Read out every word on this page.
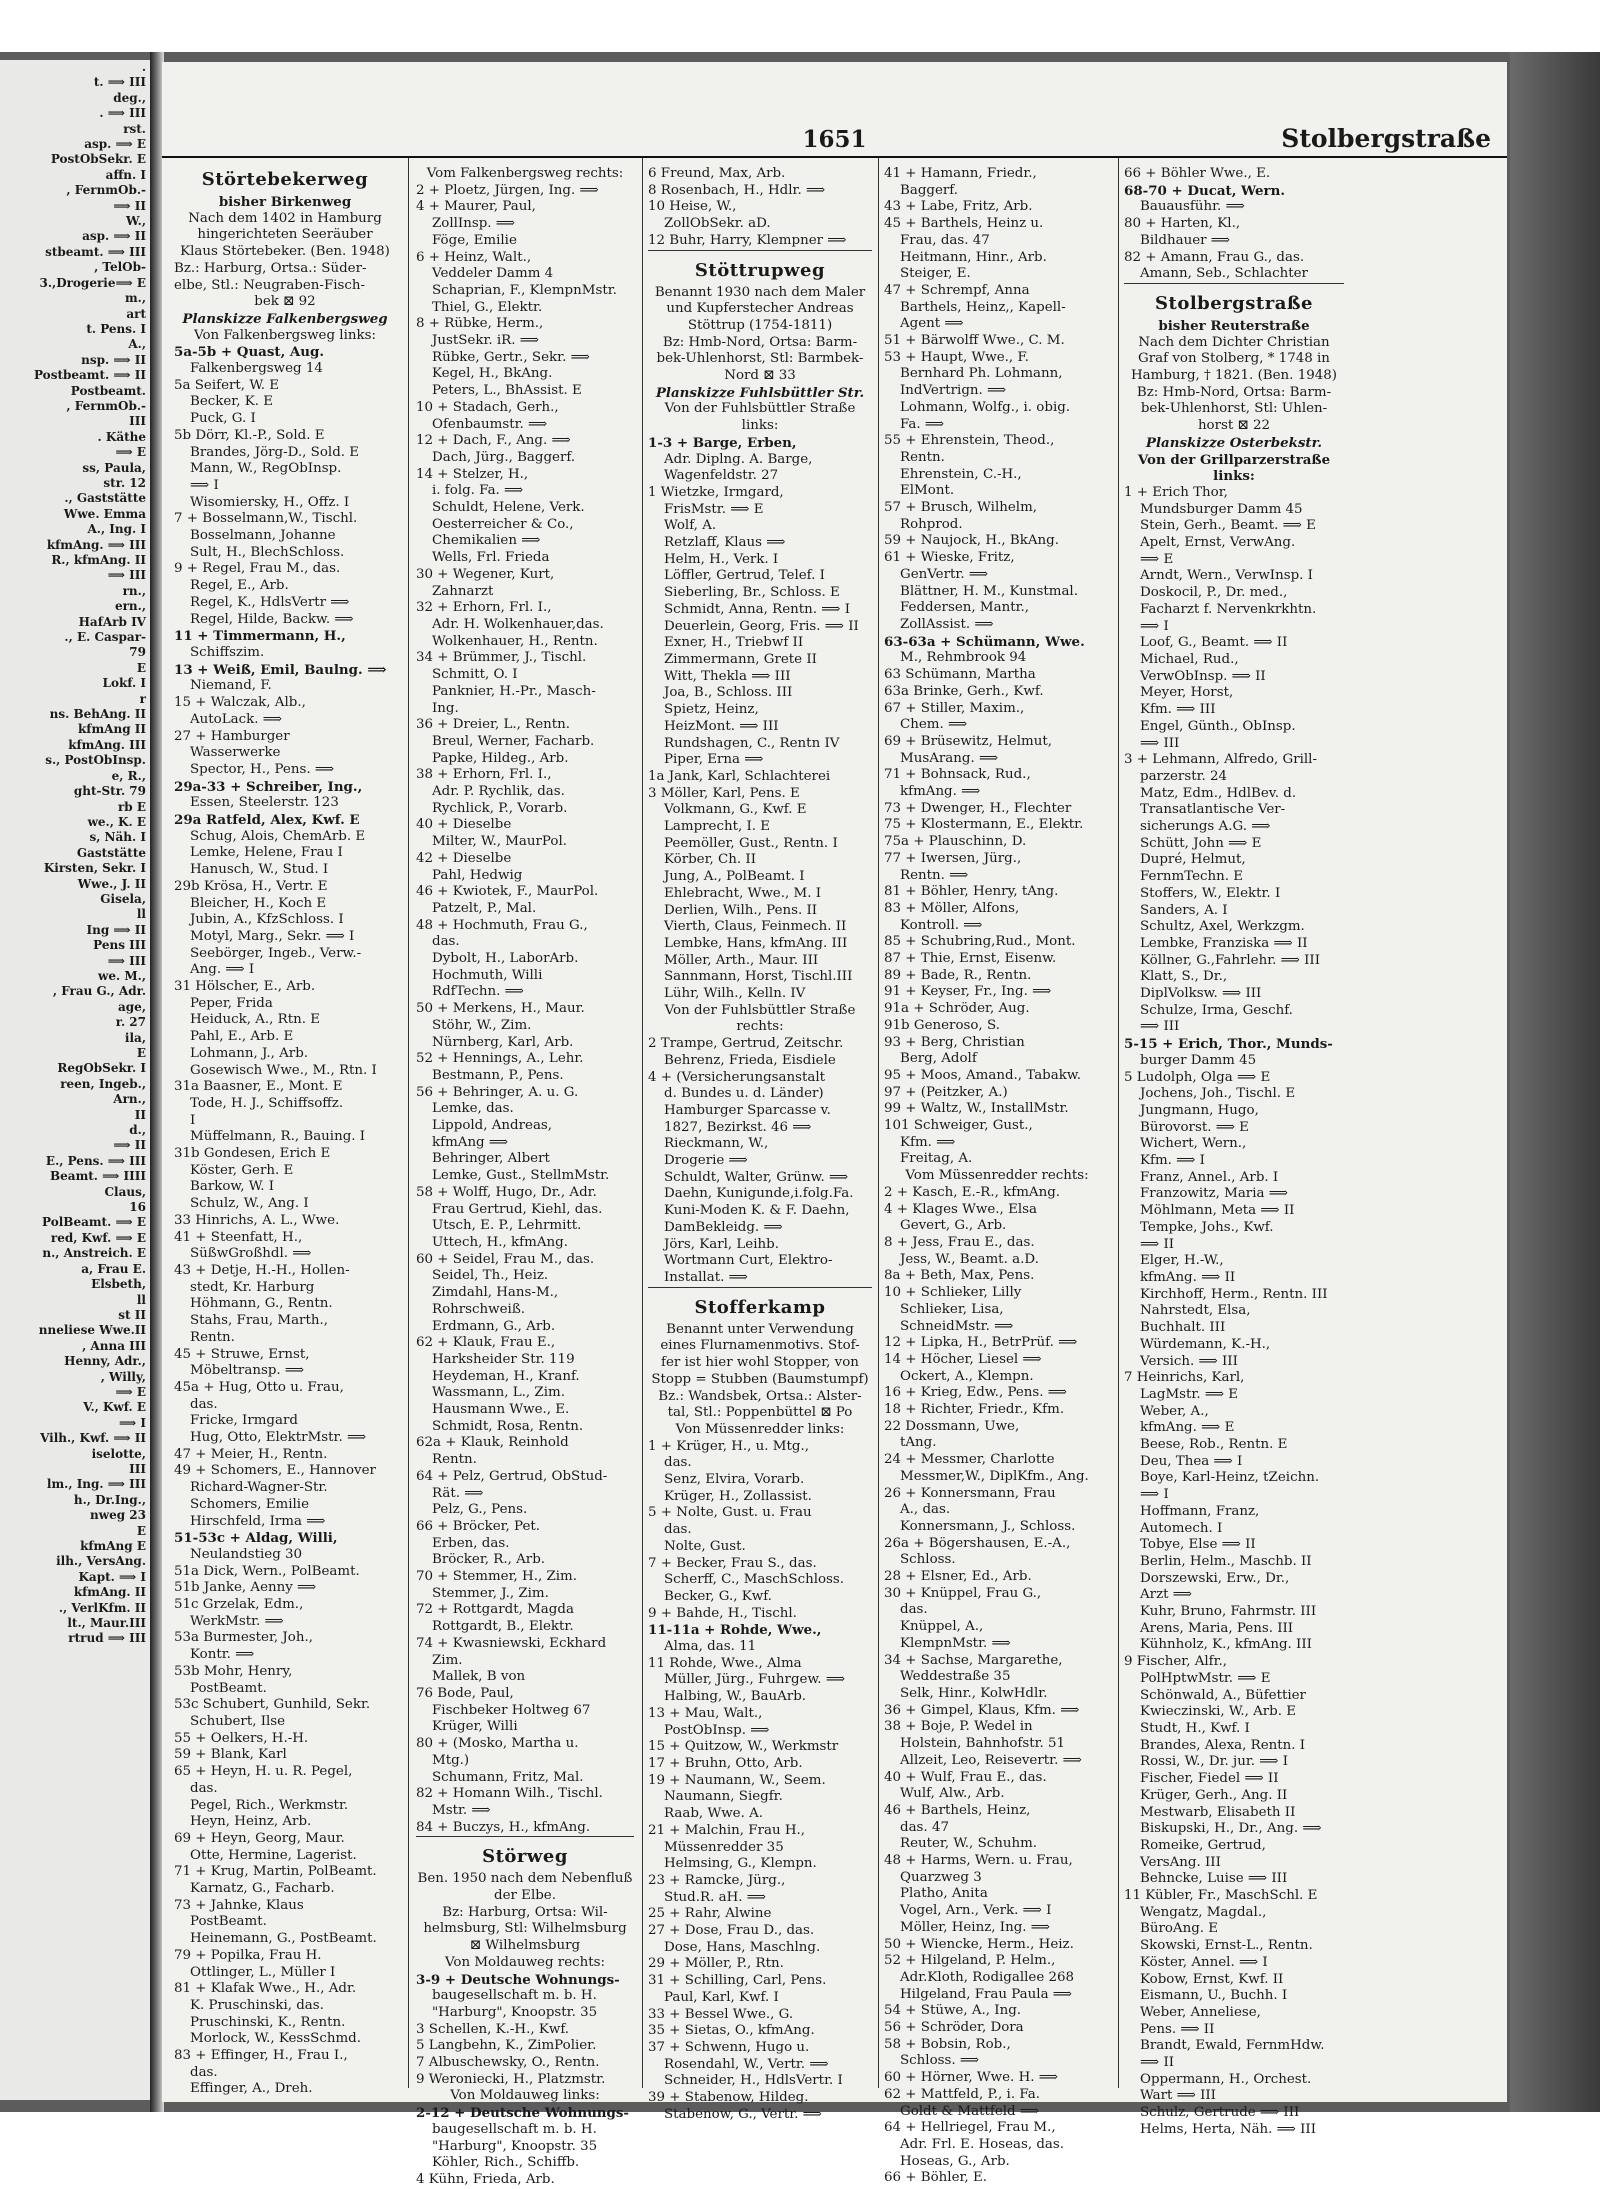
.
t. ⟹ III
deg.,
. ⟹ III
rst.
asp. ⟹ E
PostObSekr. E
affn. I
, FernmOb.-
⟹ II
W.,
asp. ⟹ II
stbeamt. ⟹ III
, TelOb-
3.,Drogerie⟹ E
m.,
art
t. Pens. I
A.,
nsp. ⟹ II
Postbeamt. ⟹ II
Postbeamt.
, FernmOb.-
III
. Käthe
⟹ E
ss, Paula,
str. 12
., Gaststätte
Wwe. Emma
A., Ing. I
kfmAng. ⟹ III
R., kfmAng. II
⟹ III
rn.,
ern.,
HafArb IV
., E. Caspar-
79
E
Lokf. I
r
ns. BehAng. II
kfmAng II
kfmAng. III
s., PostObInsp.
e, R.,
ght-Str. 79
rb E
we., K. E
s, Näh. I
Gaststätte
Kirsten, Sekr. I
Wwe., J. II
Gisela,
ll
Ing ⟹ II
Pens III
⟹ III
we. M.,
, Frau G., Adr.
age,
r. 27
ila,
E
RegObSekr. I
reen, Ingeb.,
Arn.,
II
d.,
⟹ II
E., Pens. ⟹ III
Beamt. ⟹ IIII
Claus,
16
PolBeamt. ⟹ E
red, Kwf. ⟹ E
n., Anstreich. E
a, Frau E.
Elsbeth,
ll
st II
nneliese Wwe.II
, Anna III
Henny, Adr.,
, Willy,
⟹ E
V., Kwf. E
⟹ I
Vilh., Kwf. ⟹ II
iselotte,
III
lm., Ing. ⟹ III
h., Dr.Ing.,
nweg 23
E
kfmAng E
ilh., VersAng.
Kapt. ⟹ I
kfmAng. II
., VerlKfm. II
lt., Maur.III
rtrud ⟹ III
1651	Stolbergstraße
Störtebekerweg
bisher Birkenweg
Nach dem 1402 in Hamburg
hingerichteten Seeräuber
Klaus Störtebeker. (Ben. 1948)
Bz.: Harburg, Ortsa.: Süder-
elbe, Stl.: Neugraben-Fisch-
bek ⊠ 92
Planskizze Falkenbergsweg
Von Falkenbergsweg links:
5a-5b + Quast, Aug.
Falkenbergsweg 14
5a Seifert, W. E
Becker, K. E
Puck, G. I
5b Dörr, Kl.-P., Sold. E
Brandes, Jörg-D., Sold. E
Mann, W., RegObInsp.
⟹ I
Wisomiersky, H., Offz. I
7 + Bosselmann,W., Tischl.
Bosselmann, Johanne
Sult, H., BlechSchloss.
9 + Regel, Frau M., das.
Regel, E., Arb.
Regel, K., HdlsVertr ⟹
Regel, Hilde, Backw. ⟹
11 + Timmermann, H.,
Schiffszim.
13 + Weiß, Emil, Baulng. ⟹
Niemand, F.
15 + Walczak, Alb.,
AutoLack. ⟹
27 + Hamburger
Wasserwerke
Spector, H., Pens. ⟹
29a-33 + Schreiber, Ing.,
Essen, Steelerstr. 123
29a Ratfeld, Alex, Kwf. E
Schug, Alois, ChemArb. E
Lemke, Helene, Frau I
Hanusch, W., Stud. I
29b Krösa, H., Vertr. E
Bleicher, H., Koch E
Jubin, A., KfzSchloss. I
Motyl, Marg., Sekr. ⟹ I
Seebörger, Ingeb., Verw.-
Ang. ⟹ I
31 Hölscher, E., Arb.
Peper, Frida
Heiduck, A., Rtn. E
Pahl, E., Arb. E
Lohmann, J., Arb.
Gosewisch Wwe., M., Rtn. I
31a Baasner, E., Mont. E
Tode, H. J., Schiffsoffz.
I
Müffelmann, R., Bauing. I
31b Gondesen, Erich E
Köster, Gerh. E
Barkow, W. I
Schulz, W., Ang. I
33 Hinrichs, A. L., Wwe.
41 + Steenfatt, H.,
SüßwGroßhdl. ⟹
43 + Detje, H.-H., Hollen-
stedt, Kr. Harburg
Höhmann, G., Rentn.
Stahs, Frau, Marth.,
Rentn.
45 + Struwe, Ernst,
Möbeltransp. ⟹
45a + Hug, Otto u. Frau,
das.
Fricke, Irmgard
Hug, Otto, ElektrMstr. ⟹
47 + Meier, H., Rentn.
49 + Schomers, E., Hannover
Richard-Wagner-Str.
Schomers, Emilie
Hirschfeld, Irma ⟹
51-53c + Aldag, Willi,
Neulandstieg 30
51a Dick, Wern., PolBeamt.
51b Janke, Aenny ⟹
51c Grzelak, Edm.,
WerkMstr. ⟹
53a Burmester, Joh.,
Kontr. ⟹
53b Mohr, Henry,
PostBeamt.
53c Schubert, Gunhild, Sekr.
Schubert, Ilse
55 + Oelkers, H.-H.
59 + Blank, Karl
65 + Heyn, H. u. R. Pegel,
das.
Pegel, Rich., Werkmstr.
Heyn, Heinz, Arb.
69 + Heyn, Georg, Maur.
Otte, Hermine, Lagerist.
71 + Krug, Martin, PolBeamt.
Karnatz, G., Facharb.
73 + Jahnke, Klaus
PostBeamt.
Heinemann, G., PostBeamt.
79 + Popilka, Frau H.
Ottlinger, L., Müller I
81 + Klafak Wwe., H., Adr.
K. Pruschinski, das.
Pruschinski, K., Rentn.
Morlock, W., KessSchmd.
83 + Effinger, H., Frau I.,
das.
Effinger, A., Dreh.
Vom Falkenbergsweg rechts:
2 + Ploetz, Jürgen, Ing. ⟹
4 + Maurer, Paul,
ZollInsp. ⟹
Föge, Emilie
6 + Heinz, Walt.,
Veddeler Damm 4
Schaprian, F., KlempnMstr.
Thiel, G., Elektr.
8 + Rübke, Herm.,
JustSekr. iR. ⟹
Rübke, Gertr., Sekr. ⟹
Kegel, H., BkAng.
Peters, L., BhAssist. E
10 + Stadach, Gerh.,
Ofenbaumstr. ⟹
12 + Dach, F., Ang. ⟹
Dach, Jürg., Baggerf.
14 + Stelzer, H.,
i. folg. Fa. ⟹
Schuldt, Helene, Verk.
Oesterreicher & Co.,
Chemikalien ⟹
Wells, Frl. Frieda
30 + Wegener, Kurt,
Zahnarzt
32 + Erhorn, Frl. I.,
Adr. H. Wolkenhauer,das.
Wolkenhauer, H., Rentn.
34 + Brümmer, J., Tischl.
Schmitt, O. I
Panknier, H.-Pr., Masch-
Ing.
36 + Dreier, L., Rentn.
Breul, Werner, Facharb.
Papke, Hildeg., Arb.
38 + Erhorn, Frl. I.,
Adr. P. Rychlik, das.
Rychlick, P., Vorarb.
40 + Dieselbe
Milter, W., MaurPol.
42 + Dieselbe
Pahl, Hedwig
46 + Kwiotek, F., MaurPol.
Patzelt, P., Mal.
48 + Hochmuth, Frau G.,
das.
Dybolt, H., LaborArb.
Hochmuth, Willi
RdfTechn. ⟹
50 + Merkens, H., Maur.
Stöhr, W., Zim.
Nürnberg, Karl, Arb.
52 + Hennings, A., Lehr.
Bestmann, P., Pens.
56 + Behringer, A. u. G.
Lemke, das.
Lippold, Andreas,
kfmAng ⟹
Behringer, Albert
Lemke, Gust., StellmMstr.
58 + Wolff, Hugo, Dr., Adr.
Frau Gertrud, Kiehl, das.
Utsch, E. P., Lehrmitt.
Uttech, H., kfmAng.
60 + Seidel, Frau M., das.
Seidel, Th., Heiz.
Zimdahl, Hans-M.,
Rohrschweiß.
Erdmann, G., Arb.
62 + Klauk, Frau E.,
Harksheider Str. 119
Heydeman, H., Kranf.
Wassmann, L., Zim.
Hausmann Wwe., E.
Schmidt, Rosa, Rentn.
62a + Klauk, Reinhold
Rentn.
64 + Pelz, Gertrud, ObStud-
Rät. ⟹
Pelz, G., Pens.
66 + Bröcker, Pet.
Erben, das.
Bröcker, R., Arb.
70 + Stemmer, H., Zim.
Stemmer, J., Zim.
72 + Rottgardt, Magda
Rottgardt, B., Elektr.
74 + Kwasniewski, Eckhard
Zim.
Mallek, B von
76 Bode, Paul,
Fischbeker Holtweg 67
Krüger, Willi
80 + (Mosko, Martha u.
Mtg.)
Schumann, Fritz, Mal.
82 + Homann Wilh., Tischl.
Mstr. ⟹
84 + Buczys, H., kfmAng.
Störweg
Ben. 1950 nach dem Nebenfluß
der Elbe.
Bz: Harburg, Ortsa: Wil-
helmsburg, Stl: Wilhelmsburg
⊠ Wilhelmsburg
Von Moldauweg rechts:
3-9 + Deutsche Wohnungs-
baugesellschaft m. b. H.
"Harburg", Knoopstr. 35
3 Schellen, K.-H., Kwf.
5 Langbehn, K., ZimPolier.
7 Albuschewsky, O., Rentn.
9 Weroniecki, H., Platzmstr.
Von Moldauweg links:
2-12 + Deutsche Wohnungs-
baugesellschaft m. b. H.
"Harburg", Knoopstr. 35
Köhler, Rich., Schiffb.
4 Kühn, Frieda, Arb.
6 Freund, Max, Arb.
8 Rosenbach, H., Hdlr. ⟹
10 Heise, W.,
ZollObSekr. aD.
12 Buhr, Harry, Klempner ⟹
Stöttrupweg
Benannt 1930 nach dem Maler
und Kupferstecher Andreas
Stöttrup (1754-1811)
Bz: Hmb-Nord, Ortsa: Barm-
bek-Uhlenhorst, Stl: Barmbek-
Nord ⊠ 33
Planskizze Fuhlsbüttler Str.
Von der Fuhlsbüttler Straße
links:
1-3 + Barge, Erben,
Adr. Diplng. A. Barge,
Wagenfeldstr. 27
1 Wietzke, Irmgard,
FrisMstr. ⟹ E
Wolf, A.
Retzlaff, Klaus ⟹
Helm, H., Verk. I
Löffler, Gertrud, Telef. I
Sieberling, Br., Schloss. E
Schmidt, Anna, Rentn. ⟹ I
Deuerlein, Georg, Fris. ⟹ II
Exner, H., Triebwf II
Zimmermann, Grete II
Witt, Thekla ⟹ III
Joa, B., Schloss. III
Spietz, Heinz,
HeizMont. ⟹ III
Rundshagen, C., Rentn IV
Piper, Erna ⟹
1a Jank, Karl, Schlachterei
3 Möller, Karl, Pens. E
Volkmann, G., Kwf. E
Lamprecht, I. E
Peemöller, Gust., Rentn. I
Körber, Ch. II
Jung, A., PolBeamt. I
Ehlebracht, Wwe., M. I
Derlien, Wilh., Pens. II
Vierth, Claus, Feinmech. II
Lembke, Hans, kfmAng. III
Möller, Arth., Maur. III
Sannmann, Horst, Tischl.III
Lühr, Wilh., Kelln. IV
Von der Fuhlsbüttler Straße
rechts:
2 Trampe, Gertrud, Zeitschr.
Behrenz, Frieda, Eisdiele
4 + (Versicherungsanstalt
d. Bundes u. d. Länder)
Hamburger Sparcasse v.
1827, Bezirkst. 46 ⟹
Rieckmann, W.,
Drogerie ⟹
Schuldt, Walter, Grünw. ⟹
Daehn, Kunigunde,i.folg.Fa.
Kuni-Moden K. & F. Daehn,
DamBekleidg. ⟹
Jörs, Karl, Leihb.
Wortmann Curt, Elektro-
Installat. ⟹
Stofferkamp
Benannt unter Verwendung
eines Flurnamenmotivs. Stof-
fer ist hier wohl Stopper, von
Stopp = Stubben (Baumstumpf)
Bz.: Wandsbek, Ortsa.: Alster-
tal, Stl.: Poppenbüttel ⊠ Po
Von Müssenredder links:
1 + Krüger, H., u. Mtg.,
das.
Senz, Elvira, Vorarb.
Krüger, H., Zollassist.
5 + Nolte, Gust. u. Frau
das.
Nolte, Gust.
7 + Becker, Frau S., das.
Scherff, C., MaschSchloss.
Becker, G., Kwf.
9 + Bahde, H., Tischl.
11-11a + Rohde, Wwe.,
Alma, das. 11
11 Rohde, Wwe., Alma
Müller, Jürg., Fuhrgew. ⟹
Halbing, W., BauArb.
13 + Mau, Walt.,
PostObInsp. ⟹
15 + Quitzow, W., Werkmstr
17 + Bruhn, Otto, Arb.
19 + Naumann, W., Seem.
Naumann, Siegfr.
Raab, Wwe. A.
21 + Malchin, Frau H.,
Müssenredder 35
Helmsing, G., Klempn.
23 + Ramcke, Jürg.,
Stud.R. aH. ⟹
25 + Rahr, Alwine
27 + Dose, Frau D., das.
Dose, Hans, Maschlng.
29 + Möller, P., Rtn.
31 + Schilling, Carl, Pens.
Paul, Karl, Kwf. I
33 + Bessel Wwe., G.
35 + Sietas, O., kfmAng.
37 + Schwenn, Hugo u.
Rosendahl, W., Vertr. ⟹
Schneider, H., HdlsVertr. I
39 + Stabenow, Hildeg.
Stabenow, G., Vertr. ⟹
41 + Hamann, Friedr.,
Baggerf.
43 + Labe, Fritz, Arb.
45 + Barthels, Heinz u.
Frau, das. 47
Heitmann, Hinr., Arb.
Steiger, E.
47 + Schrempf, Anna
Barthels, Heinz,, Kapell-
Agent ⟹
51 + Bärwolff Wwe., C. M.
53 + Haupt, Wwe., F.
Bernhard Ph. Lohmann,
IndVertrign. ⟹
Lohmann, Wolfg., i. obig.
Fa. ⟹
55 + Ehrenstein, Theod.,
Rentn.
Ehrenstein, C.-H.,
ElMont.
57 + Brusch, Wilhelm,
Rohprod.
59 + Naujock, H., BkAng.
61 + Wieske, Fritz,
GenVertr. ⟹
Blättner, H. M., Kunstmal.
Feddersen, Mantr.,
ZollAssist. ⟹
63-63a + Schümann, Wwe.
M., Rehmbrook 94
63 Schümann, Martha
63a Brinke, Gerh., Kwf.
67 + Stiller, Maxim.,
Chem. ⟹
69 + Brüsewitz, Helmut,
MusArang. ⟹
71 + Bohnsack, Rud.,
kfmAng. ⟹
73 + Dwenger, H., Flechter
75 + Klostermann, E., Elektr.
75a + Plauschinn, D.
77 + Iwersen, Jürg.,
Rentn. ⟹
81 + Böhler, Henry, tAng.
83 + Möller, Alfons,
Kontroll. ⟹
85 + Schubring,Rud., Mont.
87 + Thie, Ernst, Eisenw.
89 + Bade, R., Rentn.
91 + Keyser, Fr., Ing. ⟹
91a + Schröder, Aug.
91b Generoso, S.
93 + Berg, Christian
Berg, Adolf
95 + Moos, Amand., Tabakw.
97 + (Peitzker, A.)
99 + Waltz, W., InstallMstr.
101 Schweiger, Gust.,
Kfm. ⟹
Freitag, A.
Vom Müssenredder rechts:
2 + Kasch, E.-R., kfmAng.
4 + Klages Wwe., Elsa
Gevert, G., Arb.
8 + Jess, Frau E., das.
Jess, W., Beamt. a.D.
8a + Beth, Max, Pens.
10 + Schlieker, Lilly
Schlieker, Lisa,
SchneidMstr. ⟹
12 + Lipka, H., BetrPrüf. ⟹
14 + Höcher, Liesel ⟹
Ockert, A., Klempn.
16 + Krieg, Edw., Pens. ⟹
18 + Richter, Friedr., Kfm.
22 Dossmann, Uwe,
tAng.
24 + Messmer, Charlotte
Messmer,W., DiplKfm., Ang.
26 + Konnersmann, Frau
A., das.
Konnersmann, J., Schloss.
26a + Bögershausen, E.-A.,
Schloss.
28 + Elsner, Ed., Arb.
30 + Knüppel, Frau G.,
das.
Knüppel, A.,
KlempnMstr. ⟹
34 + Sachse, Margarethe,
Weddestraße 35
Selk, Hinr., KolwHdlr.
36 + Gimpel, Klaus, Kfm. ⟹
38 + Boje, P. Wedel in
Holstein, Bahnhofstr. 51
Allzeit, Leo, Reisevertr. ⟹
40 + Wulf, Frau E., das.
Wulf, Alw., Arb.
46 + Barthels, Heinz,
das. 47
Reuter, W., Schuhm.
48 + Harms, Wern. u. Frau,
Quarzweg 3
Platho, Anita
Vogel, Arn., Verk. ⟹ I
Möller, Heinz, Ing. ⟹
50 + Wiencke, Herm., Heiz.
52 + Hilgeland, P. Helm.,
Adr.Kloth, Rodigallee 268
Hilgeland, Frau Paula ⟹
54 + Stüwe, A., Ing.
56 + Schröder, Dora
58 + Bobsin, Rob.,
Schloss. ⟹
60 + Hörner, Wwe. H. ⟹
62 + Mattfeld, P., i. Fa.
Goldt & Mattfeld ⟹
64 + Hellriegel, Frau M.,
Adr. Frl. E. Hoseas, das.
Hoseas, G., Arb.
66 + Böhler, E.
66 + Böhler Wwe., E.
68-70 + Ducat, Wern.
Bauausführ. ⟹
80 + Harten, Kl.,
Bildhauer ⟹
82 + Amann, Frau G., das.
Amann, Seb., Schlachter
Stolbergstraße
bisher Reuterstraße
Nach dem Dichter Christian
Graf von Stolberg, * 1748 in
Hamburg, † 1821. (Ben. 1948)
Bz: Hmb-Nord, Ortsa: Barm-
bek-Uhlenhorst, Stl: Uhlen-
horst ⊠ 22
Planskizze Osterbekstr.
Von der Grillparzerstraße
links:
1 + Erich Thor,
Mundsburger Damm 45
Stein, Gerh., Beamt. ⟹ E
Apelt, Ernst, VerwAng.
⟹ E
Arndt, Wern., VerwInsp. I
Doskocil, P., Dr. med.,
Facharzt f. Nervenkrkhtn.
⟹ I
Loof, G., Beamt. ⟹ II
Michael, Rud.,
VerwObInsp. ⟹ II
Meyer, Horst,
Kfm. ⟹ III
Engel, Günth., ObInsp.
⟹ III
3 + Lehmann, Alfredo, Grill-
parzerstr. 24
Matz, Edm., HdlBev. d.
Transatlantische Ver-
sicherungs A.G. ⟹
Schütt, John ⟹ E
Dupré, Helmut,
FernmTechn. E
Stoffers, W., Elektr. I
Sanders, A. I
Schultz, Axel, Werkzgm.
Lembke, Franziska ⟹ II
Köllner, G.,Fahrlehr. ⟹ III
Klatt, S., Dr.,
DiplVolksw. ⟹ III
Schulze, Irma, Geschf.
⟹ III
5-15 + Erich, Thor., Munds-
burger Damm 45
5 Ludolph, Olga ⟹ E
Jochens, Joh., Tischl. E
Jungmann, Hugo,
Bürovorst. ⟹ E
Wichert, Wern.,
Kfm. ⟹ I
Franz, Annel., Arb. I
Franzowitz, Maria ⟹
Möhlmann, Meta ⟹ II
Tempke, Johs., Kwf.
⟹ II
Elger, H.-W.,
kfmAng. ⟹ II
Kirchhoff, Herm., Rentn. III
Nahrstedt, Elsa,
Buchhalt. III
Würdemann, K.-H.,
Versich. ⟹ III
7 Heinrichs, Karl,
LagMstr. ⟹ E
Weber, A.,
kfmAng. ⟹ E
Beese, Rob., Rentn. E
Deu, Thea ⟹ I
Boye, Karl-Heinz, tZeichn.
⟹ I
Hoffmann, Franz,
Automech. I
Tobye, Else ⟹ II
Berlin, Helm., Maschb. II
Dorszewski, Erw., Dr.,
Arzt ⟹
Kuhr, Bruno, Fahrmstr. III
Arens, Maria, Pens. III
Kühnholz, K., kfmAng. III
9 Fischer, Alfr.,
PolHptwMstr. ⟹ E
Schönwald, A., Büfettier
Kwieczinski, W., Arb. E
Studt, H., Kwf. I
Brandes, Alexa, Rentn. I
Rossi, W., Dr. jur. ⟹ I
Fischer, Fiedel ⟹ II
Krüger, Gerh., Ang. II
Mestwarb, Elisabeth II
Biskupski, H., Dr., Ang. ⟹
Romeike, Gertrud,
VersAng. III
Behncke, Luise ⟹ III
11 Kübler, Fr., MaschSchl. E
Wengatz, Magdal.,
BüroAng. E
Skowski, Ernst-L., Rentn.
Köster, Annel. ⟹ I
Kobow, Ernst, Kwf. II
Eismann, U., Buchh. I
Weber, Anneliese,
Pens. ⟹ II
Brandt, Ewald, FernmHdw.
⟹ II
Oppermann, H., Orchest.
Wart ⟹ III
Schulz, Gertrude ⟹ III
Helms, Herta, Näh. ⟹ III
